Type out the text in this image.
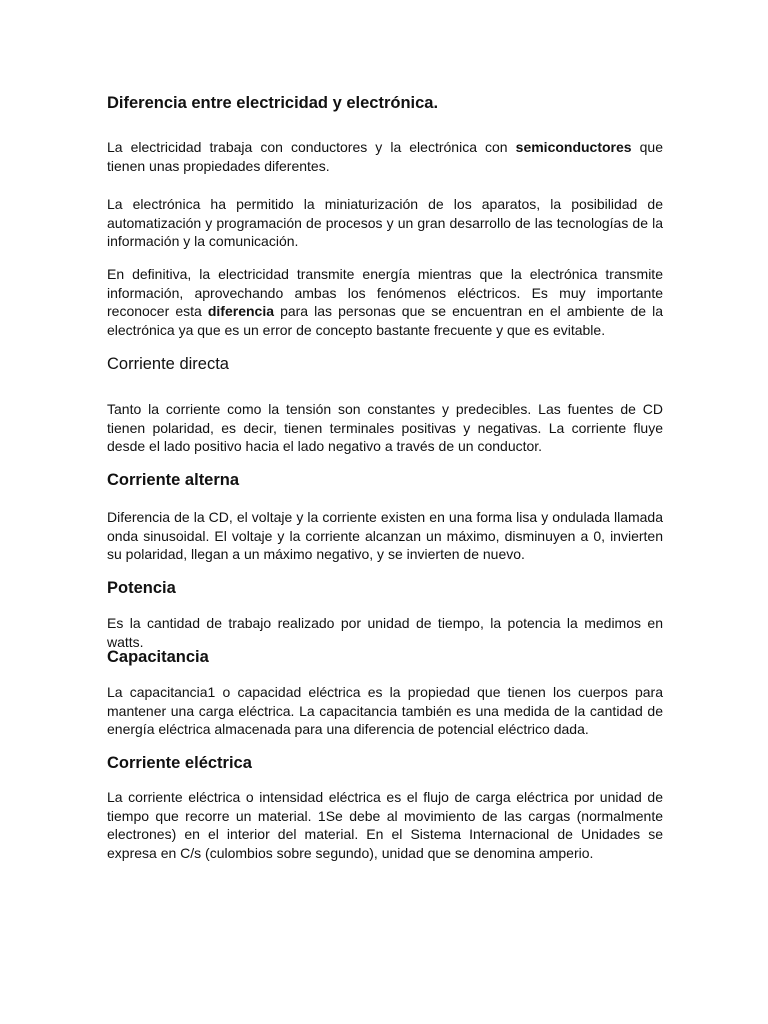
Diferencia entre electricidad y electrónica.

La electricidad trabaja con conductores y la electrónica con semiconductores que tienen unas propiedades diferentes.

La electrónica ha permitido la miniaturización de los aparatos, la posibilidad de automatización y programación de procesos y un gran desarrollo de las tecnologías de la información y la comunicación.

En definitiva, la electricidad transmite energía mientras que la electrónica transmite información, aprovechando ambas los fenómenos eléctricos. Es muy importante reconocer esta diferencia para las personas que se encuentran en el ambiente de la electrónica ya que es un error de concepto bastante frecuente y que es evitable.

Corriente directa

Tanto la corriente como la tensión son constantes y predecibles. Las fuentes de CD tienen polaridad, es decir, tienen terminales positivas y negativas. La corriente fluye desde el lado positivo hacia el lado negativo a través de un conductor.

Corriente alterna

Diferencia de la CD, el voltaje y la corriente existen en una forma lisa y ondulada llamada onda sinusoidal. El voltaje y la corriente alcanzan un máximo, disminuyen a 0, invierten su polaridad, llegan a un máximo negativo, y se invierten de nuevo.

Potencia

Es la cantidad de trabajo realizado por unidad de tiempo, la potencia la medimos en watts.

Capacitancia

La capacitancia1 o capacidad eléctrica es la propiedad que tienen los cuerpos para mantener una carga eléctrica. La capacitancia también es una medida de la cantidad de energía eléctrica almacenada para una diferencia de potencial eléctrico dada.

Corriente eléctrica

La corriente eléctrica o intensidad eléctrica es el flujo de carga eléctrica por unidad de tiempo que recorre un material. 1Se debe al movimiento de las cargas (normalmente electrones) en el interior del material. En el Sistema Internacional de Unidades se expresa en C/s (culombios sobre segundo), unidad que se denomina amperio.
